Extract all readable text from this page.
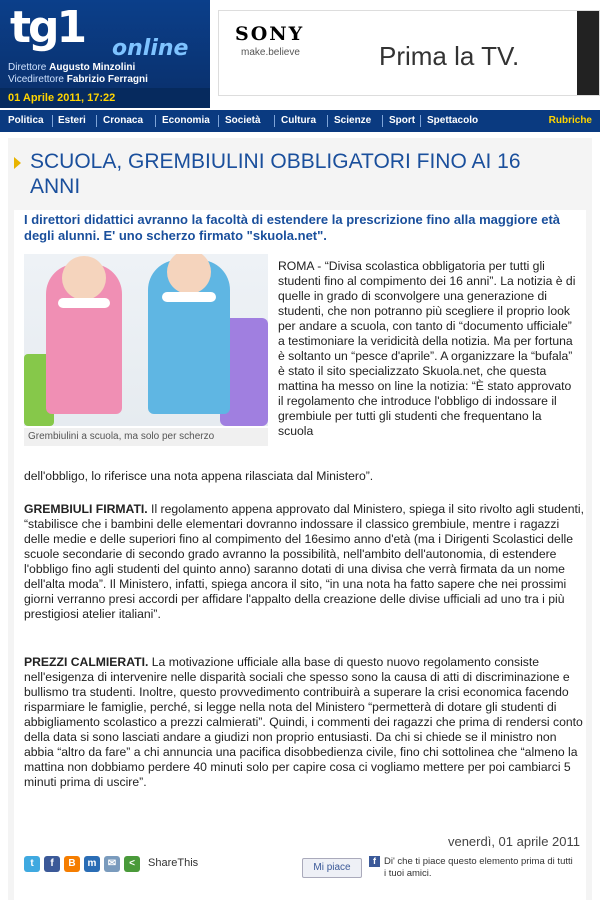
tg1 online
Direttore Augusto Minzolini
Vicedirettore Fabrizio Ferragni
01 Aprile 2011, 17:22
SONY
make.believe	Prima la TV.
Politica Esteri Cronaca Economia Società Cultura Scienze Sport Spettacolo	Rubriche
SCUOLA, GREMBIULINI OBBLIGATORI FINO AI 16 ANNI
I direttori didattici avranno la facoltà di estendere la prescrizione fino alla maggiore età degli alunni. E' uno scherzo firmato "skuola.net".
Grembiulini a scuola, ma solo per scherzo
ROMA - “Divisa scolastica obbligatoria per tutti gli studenti fino al compimento dei 16 anni”. La notizia è di quelle in grado di sconvolgere una generazione di studenti, che non potranno più scegliere il proprio look per andare a scuola, con tanto di “documento ufficiale” a testimoniare la veridicità della notizia. Ma per fortuna è soltanto un “pesce d'aprile”. A organizzare la “bufala” è stato il sito specializzato Skuola.net, che questa mattina ha messo on line la notizia: “È stato approvato il regolamento che introduce l'obbligo di indossare il grembiule per tutti gli studenti che frequentano la scuola
dell'obbligo, lo riferisce una nota appena rilasciata dal Ministero”.
GREMBIULI FIRMATI. Il regolamento appena approvato dal Ministero, spiega il sito rivolto agli studenti, “stabilisce che i bambini delle elementari dovranno indossare il classico grembiule, mentre i ragazzi delle medie e delle superiori fino al compimento del 16esimo anno d'età (ma i Dirigenti Scolastici delle scuole secondarie di secondo grado avranno la possibilità, nell'ambito dell'autonomia, di estendere l'obbligo fino agli studenti del quinto anno) saranno dotati di una divisa che verrà firmata da un nome dell'alta moda”. Il Ministero, infatti, spiega ancora il sito, “in una nota ha fatto sapere che nei prossimi giorni verranno presi accordi per affidare l'appalto della creazione delle divise ufficiali ad uno tra i più prestigiosi atelier italiani”.
PREZZI CALMIERATI. La motivazione ufficiale alla base di questo nuovo regolamento consiste nell'esigenza di intervenire nelle disparità sociali che spesso sono la causa di atti di discriminazione e bullismo tra studenti. Inoltre, questo provvedimento contribuirà a superare la crisi economica facendo risparmiare le famiglie, perché, si legge nella nota del Ministero “permetterà di dotare gli studenti di abbigliamento scolastico a prezzi calmierati”. Quindi, i commenti dei ragazzi che prima di rendersi conto della data si sono lasciati andare a giudizi non proprio entusiasti. Da chi si chiede se il ministro non abbia “altro da fare” a chi annuncia una pacifica disobbedienza civile, fino chi sottolinea che “almeno la mattina non dobbiamo perdere 40 minuti solo per capire cosa ci vogliamo mettere per poi cambiarci 5 minuti prima di uscire”.
venerdì, 01 aprile 2011
t	f	B	m	✉	<	ShareThis	Mi piace
f Di' che ti piace questo elemento prima di tutti i tuoi amici.
